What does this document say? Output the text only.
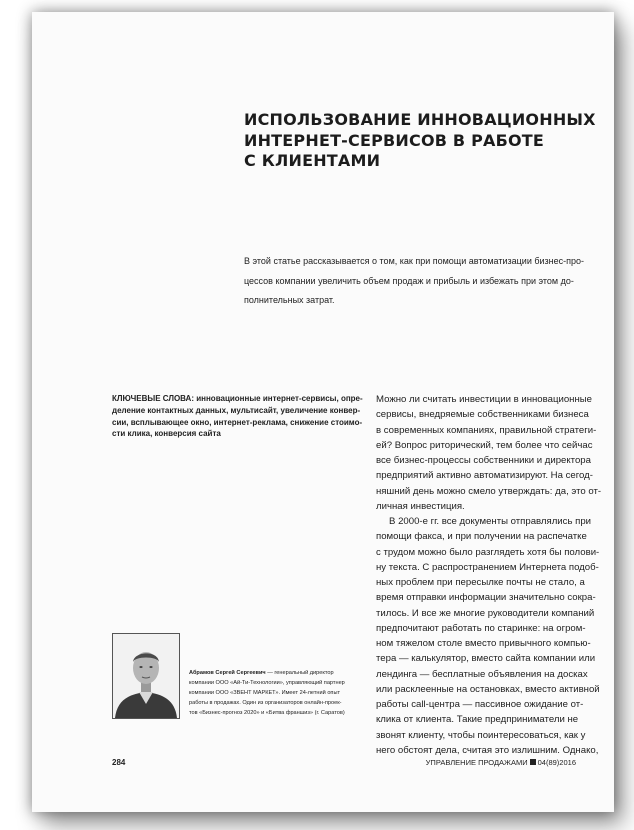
ИСПОЛЬЗОВАНИЕ ИННОВАЦИОННЫХ
ИНТЕРНЕТ-СЕРВИСОВ В РАБОТЕ
С КЛИЕНТАМИ
В этой статье рассказывается о том, как при помощи автоматизации бизнес-про-
цессов компании увеличить объем продаж и прибыль и избежать при этом до-
полнительных затрат.
КЛЮЧЕВЫЕ СЛОВА: инновационные интернет-сервисы, опре-
деление контактных данных, мультисайт, увеличение конвер-
сии, всплывающее окно, интернет-реклама, снижение стоимо-
сти клика, конверсия сайта
Можно ли считать инвестиции в инновационные
сервисы, внедряемые собственниками бизнеса
в современных компаниях, правильной стратеги-
ей? Вопрос риторический, тем более что сейчас
все бизнес-процессы собственники и директора
предприятий активно автоматизируют. На сегод-
няшний день можно смело утверждать: да, это от-
личная инвестиция.
В 2000-е гг. все документы отправлялись при
помощи факса, и при получении на распечатке
с трудом можно было разглядеть хотя бы полови-
ну текста. С распространением Интернета подоб-
ных проблем при пересылке почты не стало, а
время отправки информации значительно сокра-
тилось. И все же многие руководители компаний
предпочитают работать по старинке: на огром-
ном тяжелом столе вместо привычного компью-
тера — калькулятор, вместо сайта компании или
лендинга — бесплатные объявления на досках
или расклеенные на остановках, вместо активной
работы call-центра — пассивное ожидание от-
клика от клиента. Такие предприниматели не
звонят клиенту, чтобы поинтересоваться, как у
него обстоят дела, считая это излишним. Однако,
Абрамов Сергей Сергеевич — генеральный директор
компании ООО «Ай-Ти-Технологии», управляющий партнер
компании ООО «ЗВЕНТ МАРКЕТ». Имеет 24-летний опыт
работы в продажах. Один из организаторов онлайн-проек-
тов «Бизнес-прогноз 2020» и «Битва франшиз» (г. Саратов)
284	УПРАВЛЕНИЕ ПРОДАЖАМИ 04(89)2016
